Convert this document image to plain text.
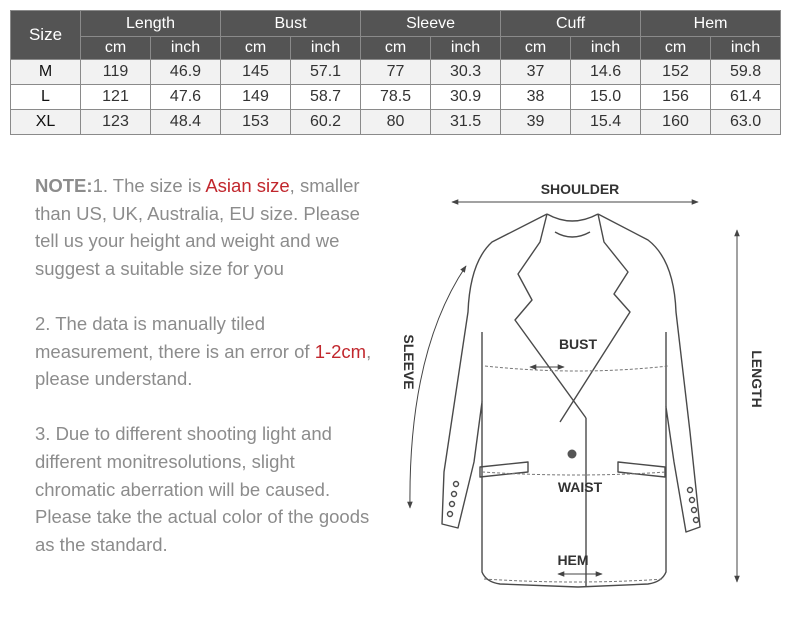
Size	Length		Bust		Sleeve		Cuff		Hem	
	cm	inch	cm	inch	cm	inch	cm	inch	cm	inch
M	119	46.9	145	57.1	77	30.3	37	14.6	152	59.8
L	121	47.6	149	58.7	78.5	30.9	38	15.0	156	61.4
XL	123	48.4	153	60.2	80	31.5	39	15.4	160	63.0

NOTE:1. The size is Asian size, smaller than US, UK, Australia, EU size. Please tell us your height and weight and we suggest a suitable size for you

2. The data is manually tiled measurement, there is an error of 1-2cm, please understand.

3. Due to different shooting light and different monitresolutions, slight chromatic aberration will be caused. Please take the actual color of the goods as the standard.

SHOULDER
BUST
WAIST
HEM
SLEEVE	LENGTH
